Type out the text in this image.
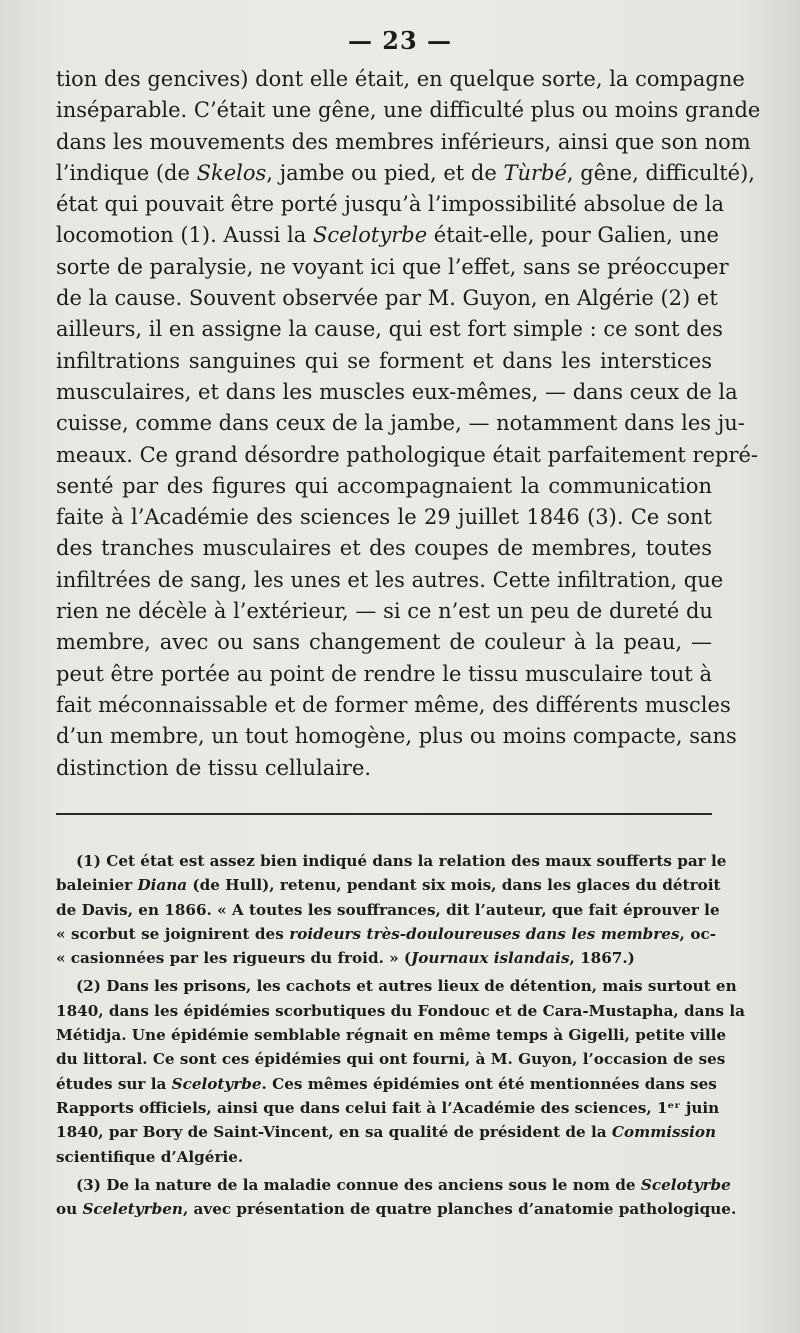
— 23 —
tion des gencives) dont elle était, en quelque sorte, la compagne
inséparable. C’était une gêne, une difficulté plus ou moins grande
dans les mouvements des membres inférieurs, ainsi que son nom
l’indique (de Skelos, jambe ou pied, et de Tùrbé, gêne, difficulté),
état qui pouvait être porté jusqu’à l’impossibilité absolue de la
locomotion (1). Aussi la Scelotyrbe était-elle, pour Galien, une
sorte de paralysie, ne voyant ici que l’effet, sans se préoccuper
de la cause. Souvent observée par M. Guyon, en Algérie (2) et
ailleurs, il en assigne la cause, qui est fort simple : ce sont des
infiltrations sanguines qui se forment et dans les interstices
musculaires, et dans les muscles eux-mêmes, — dans ceux de la
cuisse, comme dans ceux de la jambe, — notamment dans les ju-
meaux. Ce grand désordre pathologique était parfaitement repré-
senté par des figures qui accompagnaient la communication
faite à l’Académie des sciences le 29 juillet 1846 (3). Ce sont
des tranches musculaires et des coupes de membres, toutes
infiltrées de sang, les unes et les autres. Cette infiltration, que
rien ne décèle à l’extérieur, — si ce n’est un peu de dureté du
membre, avec ou sans changement de couleur à la peau, —
peut être portée au point de rendre le tissu musculaire tout à
fait méconnaissable et de former même, des différents muscles
d’un membre, un tout homogène, plus ou moins compacte, sans
distinction de tissu cellulaire.
(1) Cet état est assez bien indiqué dans la relation des maux soufferts par le
baleinier Diana (de Hull), retenu, pendant six mois, dans les glaces du détroit
de Davis, en 1866. « A toutes les souffrances, dit l’auteur, que fait éprouver le
« scorbut se joignirent des roideurs très-douloureuses dans les membres, oc-
« casionnées par les rigueurs du froid. » (Journaux islandais, 1867.)
(2) Dans les prisons, les cachots et autres lieux de détention, mais surtout en
1840, dans les épidémies scorbutiques du Fondouc et de Cara-Mustapha, dans la
Métidja. Une épidémie semblable régnait en même temps à Gigelli, petite ville
du littoral. Ce sont ces épidémies qui ont fourni, à M. Guyon, l’occasion de ses
études sur la Scelotyrbe. Ces mêmes épidémies ont été mentionnées dans ses
Rapports officiels, ainsi que dans celui fait à l’Académie des sciences, 1ᵉʳ juin
1840, par Bory de Saint-Vincent, en sa qualité de président de la Commission
scientifique d’Algérie.
(3) De la nature de la maladie connue des anciens sous le nom de Scelotyrbe
ou Sceletyrben, avec présentation de quatre planches d’anatomie pathologique.
